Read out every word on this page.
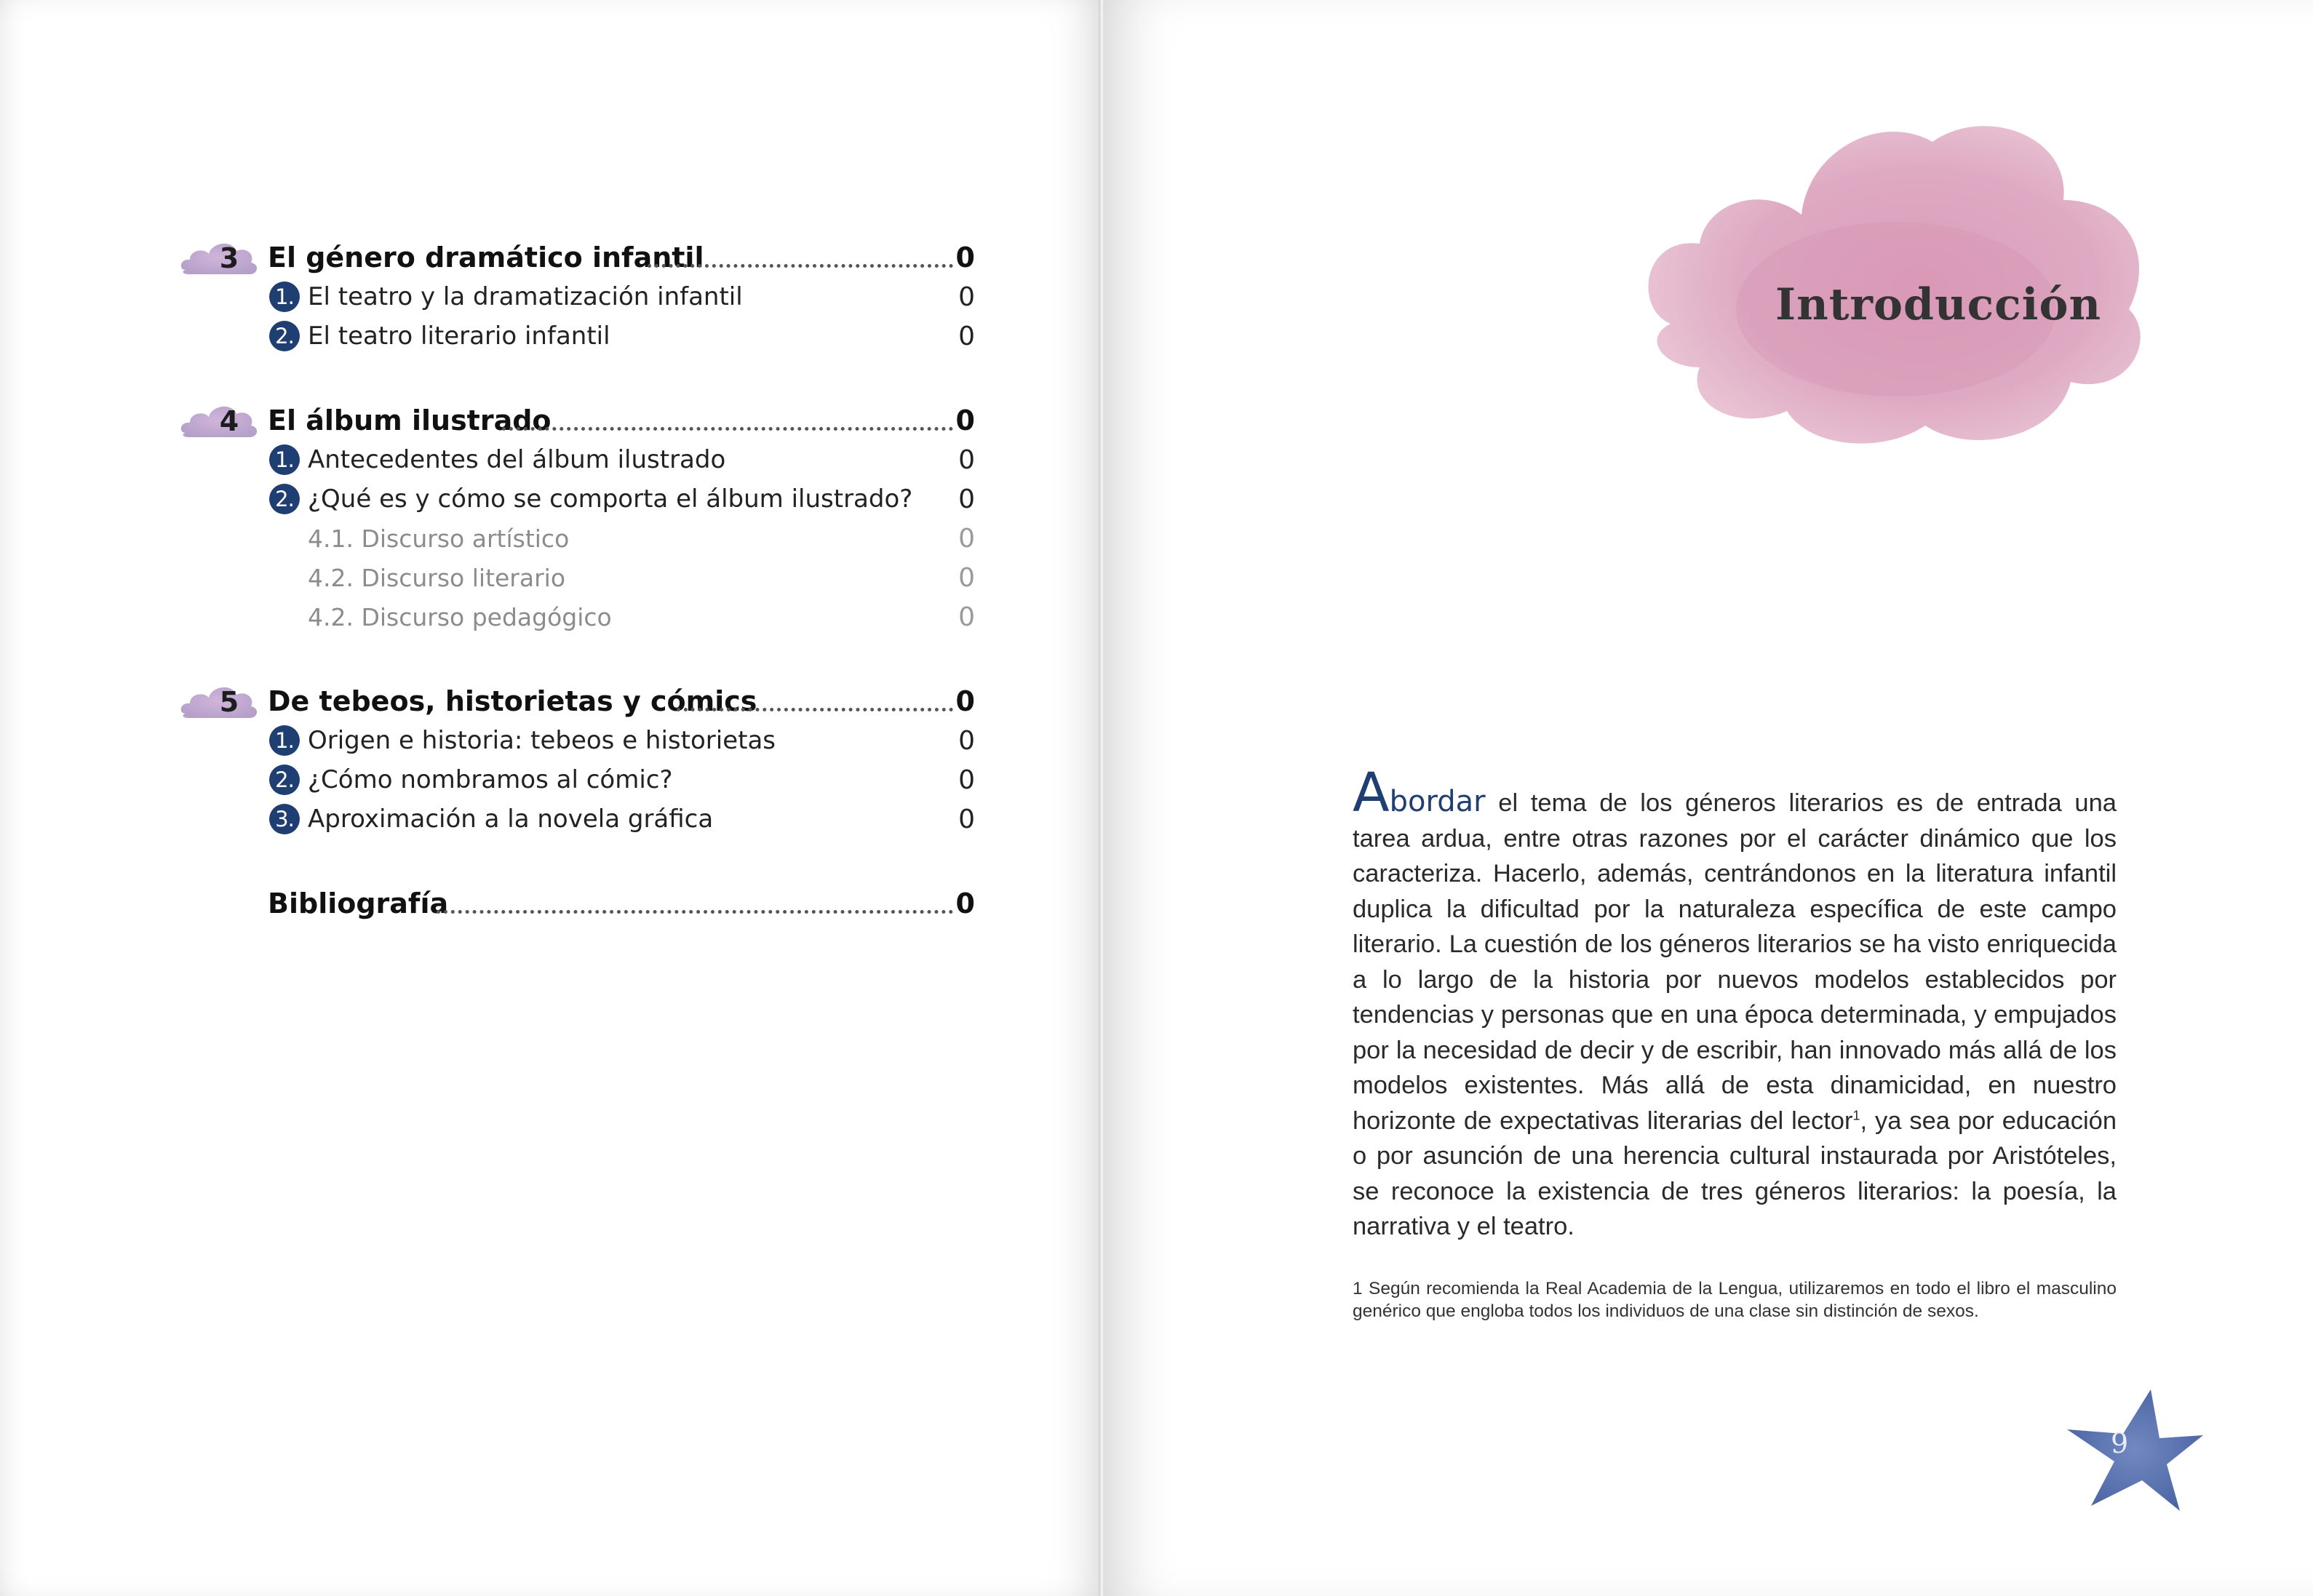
3 El género dramático infantil	0
1. El teatro y la dramatización infantil	0
2. El teatro literario infantil	0
4 El álbum ilustrado	0
1. Antecedentes del álbum ilustrado	0
2. ¿Qué es y cómo se comporta el álbum ilustrado? 0
4.1. Discurso artístico	0
4.2. Discurso literario	0
4.2. Discurso pedagógico	0
5 De tebeos, historietas y cómics	0
1. Origen e historia: tebeos e historietas	0
2. ¿Cómo nombramos al cómic?	0
3. Aproximación a la novela gráfica	0
Bibliografía	0
Introducción
Abordar el tema de los géneros literarios es de entrada una tarea ardua, entre otras razones por el carácter dinámico que los caracteriza. Hacerlo, además, centrándonos en la literatura infantil duplica la dificultad por la naturaleza específica de este campo literario. La cuestión de los géneros literarios se ha visto enriquecida a lo largo de la historia por nuevos modelos establecidos por tendencias y personas que en una época determinada, y empujados por la necesidad de decir y de escribir, han innovado más allá de los modelos existentes. Más allá de esta dinamicidad, en nuestro horizonte de expectativas literarias del lector$^1$, ya sea por educación o por asunción de una herencia cultural instaurada por Aristóteles, se reconoce la existencia de tres géneros literarios: la poesía, la narrativa y el teatro.
1 Según recomienda la Real Academia de la Lengua, utilizaremos en todo el libro el masculino genérico que engloba todos los individuos de una clase sin distinción de sexos.
9
